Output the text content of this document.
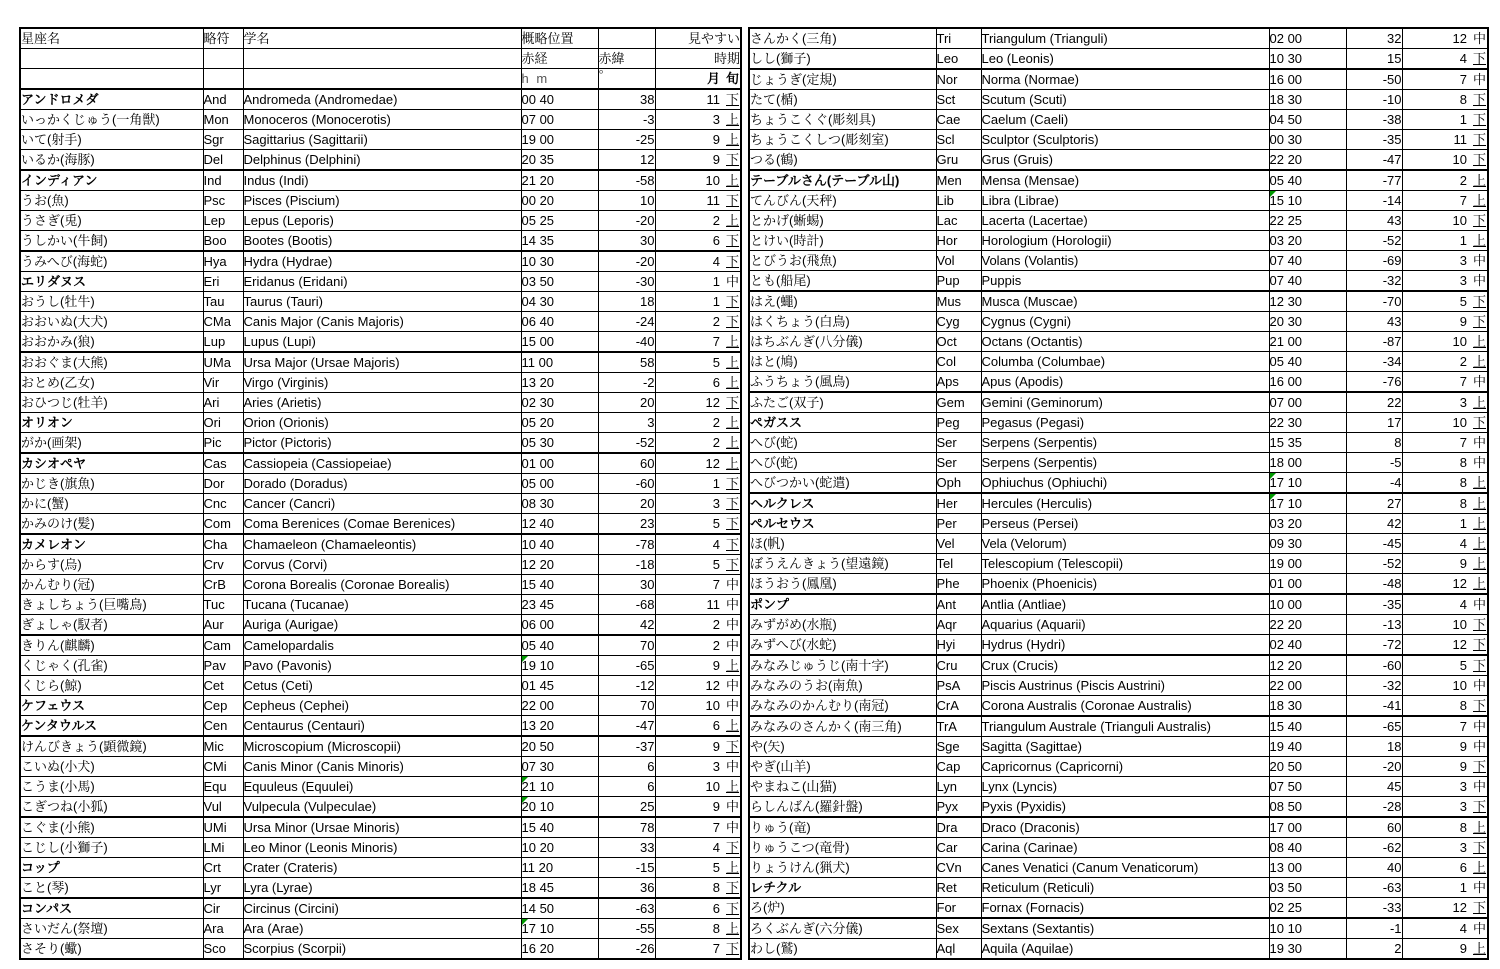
星座名	略符	学名	概略位置		見やすい
			赤経	赤緯	時期
			h m	°	月 旬
アンドロメダ	And	Andromeda (Andromedae)	00 40	38	11 下
いっかくじゅう(一角獣)	Mon	Monoceros (Monocerotis)	07 00	-3	3 上
いて(射手)	Sgr	Sagittarius (Sagittarii)	19 00	-25	9 上
いるか(海豚)	Del	Delphinus (Delphini)	20 35	12	9 下
インディアン	Ind	Indus (Indi)	21 20	-58	10 上
うお(魚)	Psc	Pisces (Piscium)	00 20	10	11 下
うさぎ(兎)	Lep	Lepus (Leporis)	05 25	-20	2 上
うしかい(牛飼)	Boo	Bootes (Bootis)	14 35	30	6 下
うみへび(海蛇)	Hya	Hydra (Hydrae)	10 30	-20	4 下
エリダヌス	Eri	Eridanus (Eridani)	03 50	-30	1 中
おうし(牡牛)	Tau	Taurus (Tauri)	04 30	18	1 下
おおいぬ(大犬)	CMa	Canis Major (Canis Majoris)	06 40	-24	2 下
おおかみ(狼)	Lup	Lupus (Lupi)	15 00	-40	7 上
おおぐま(大熊)	UMa	Ursa Major (Ursae Majoris)	11 00	58	5 上
おとめ(乙女)	Vir	Virgo (Virginis)	13 20	-2	6 上
おひつじ(牡羊)	Ari	Aries (Arietis)	02 30	20	12 下
オリオン	Ori	Orion (Orionis)	05 20	3	2 上
がか(画架)	Pic	Pictor (Pictoris)	05 30	-52	2 上
カシオペヤ	Cas	Cassiopeia (Cassiopeiae)	01 00	60	12 上
かじき(旗魚)	Dor	Dorado (Doradus)	05 00	-60	1 下
かに(蟹)	Cnc	Cancer (Cancri)	08 30	20	3 下
かみのけ(髪)	Com	Coma Berenices (Comae Berenices)	12 40	23	5 下
カメレオン	Cha	Chamaeleon (Chamaeleontis)	10 40	-78	4 下
からす(烏)	Crv	Corvus (Corvi)	12 20	-18	5 下
かんむり(冠)	CrB	Corona Borealis (Coronae Borealis)	15 40	30	7 中
きょしちょう(巨嘴鳥)	Tuc	Tucana (Tucanae)	23 45	-68	11 中
ぎょしゃ(馭者)	Aur	Auriga (Aurigae)	06 00	42	2 中
きりん(麒麟)	Cam	Camelopardalis	05 40	70	2 中
くじゃく(孔雀)	Pav	Pavo (Pavonis)	19 10	-65	9 上
くじら(鯨)	Cet	Cetus (Ceti)	01 45	-12	12 中
ケフェウス	Cep	Cepheus (Cephei)	22 00	70	10 中
ケンタウルス	Cen	Centaurus (Centauri)	13 20	-47	6 上
けんびきょう(顕微鏡)	Mic	Microscopium (Microscopii)	20 50	-37	9 下
こいぬ(小犬)	CMi	Canis Minor (Canis Minoris)	07 30	6	3 中
こうま(小馬)	Equ	Equuleus (Equulei)	21 10	6	10 上
こぎつね(小狐)	Vul	Vulpecula (Vulpeculae)	20 10	25	9 中
こぐま(小熊)	UMi	Ursa Minor (Ursae Minoris)	15 40	78	7 中
こじし(小獅子)	LMi	Leo Minor (Leonis Minoris)	10 20	33	4 下
コップ	Crt	Crater (Crateris)	11 20	-15	5 上
こと(琴)	Lyr	Lyra (Lyrae)	18 45	36	8 下
コンパス	Cir	Circinus (Circini)	14 50	-63	6 下
さいだん(祭壇)	Ara	Ara (Arae)	17 10	-55	8 上
さそり(蠍)	Sco	Scorpius (Scorpii)	16 20	-26	7 下
さんかく(三角)	Tri	Triangulum (Trianguli)	02 00	32	12 中
しし(獅子)	Leo	Leo (Leonis)	10 30	15	4 下
じょうぎ(定規)	Nor	Norma (Normae)	16 00	-50	7 中
たて(楯)	Sct	Scutum (Scuti)	18 30	-10	8 下
ちょうこくぐ(彫刻具)	Cae	Caelum (Caeli)	04 50	-38	1 下
ちょうこくしつ(彫刻室)	Scl	Sculptor (Sculptoris)	00 30	-35	11 下
つる(鶴)	Gru	Grus (Gruis)	22 20	-47	10 下
テーブルさん(テーブル山)	Men	Mensa (Mensae)	05 40	-77	2 上
てんびん(天秤)	Lib	Libra (Librae)	15 10	-14	7 上
とかげ(蜥蜴)	Lac	Lacerta (Lacertae)	22 25	43	10 下
とけい(時計)	Hor	Horologium (Horologii)	03 20	-52	1 上
とびうお(飛魚)	Vol	Volans (Volantis)	07 40	-69	3 中
とも(船尾)	Pup	Puppis	07 40	-32	3 中
はえ(蠅)	Mus	Musca (Muscae)	12 30	-70	5 下
はくちょう(白鳥)	Cyg	Cygnus (Cygni)	20 30	43	9 下
はちぶんぎ(八分儀)	Oct	Octans (Octantis)	21 00	-87	10 上
はと(鳩)	Col	Columba (Columbae)	05 40	-34	2 上
ふうちょう(風鳥)	Aps	Apus (Apodis)	16 00	-76	7 中
ふたご(双子)	Gem	Gemini (Geminorum)	07 00	22	3 上
ペガスス	Peg	Pegasus (Pegasi)	22 30	17	10 下
へび(蛇)	Ser	Serpens (Serpentis)	15 35	8	7 中
へび(蛇)	Ser	Serpens (Serpentis)	18 00	-5	8 中
へびつかい(蛇遣)	Oph	Ophiuchus (Ophiuchi)	17 10	-4	8 上
ヘルクレス	Her	Hercules (Herculis)	17 10	27	8 上
ペルセウス	Per	Perseus (Persei)	03 20	42	1 上
ほ(帆)	Vel	Vela (Velorum)	09 30	-45	4 上
ぼうえんきょう(望遠鏡)	Tel	Telescopium (Telescopii)	19 00	-52	9 上
ほうおう(鳳凰)	Phe	Phoenix (Phoenicis)	01 00	-48	12 上
ポンプ	Ant	Antlia (Antliae)	10 00	-35	4 中
みずがめ(水瓶)	Aqr	Aquarius (Aquarii)	22 20	-13	10 下
みずへび(水蛇)	Hyi	Hydrus (Hydri)	02 40	-72	12 下
みなみじゅうじ(南十字)	Cru	Crux (Crucis)	12 20	-60	5 下
みなみのうお(南魚)	PsA	Piscis Austrinus (Piscis Austrini)	22 00	-32	10 中
みなみのかんむり(南冠)	CrA	Corona Australis (Coronae Australis)	18 30	-41	8 下
みなみのさんかく(南三角)	TrA	Triangulum Australe (Trianguli Australis)	15 40	-65	7 中
や(矢)	Sge	Sagitta (Sagittae)	19 40	18	9 中
やぎ(山羊)	Cap	Capricornus (Capricorni)	20 50	-20	9 下
やまねこ(山猫)	Lyn	Lynx (Lyncis)	07 50	45	3 中
らしんばん(羅針盤)	Pyx	Pyxis (Pyxidis)	08 50	-28	3 下
りゅう(竜)	Dra	Draco (Draconis)	17 00	60	8 上
りゅうこつ(竜骨)	Car	Carina (Carinae)	08 40	-62	3 下
りょうけん(猟犬)	CVn	Canes Venatici (Canum Venaticorum)	13 00	40	6 上
レチクル	Ret	Reticulum (Reticuli)	03 50	-63	1 中
ろ(炉)	For	Fornax (Fornacis)	02 25	-33	12 下
ろくぶんぎ(六分儀)	Sex	Sextans (Sextantis)	10 10	-1	4 中
わし(鷲)	Aql	Aquila (Aquilae)	19 30	2	9 上
